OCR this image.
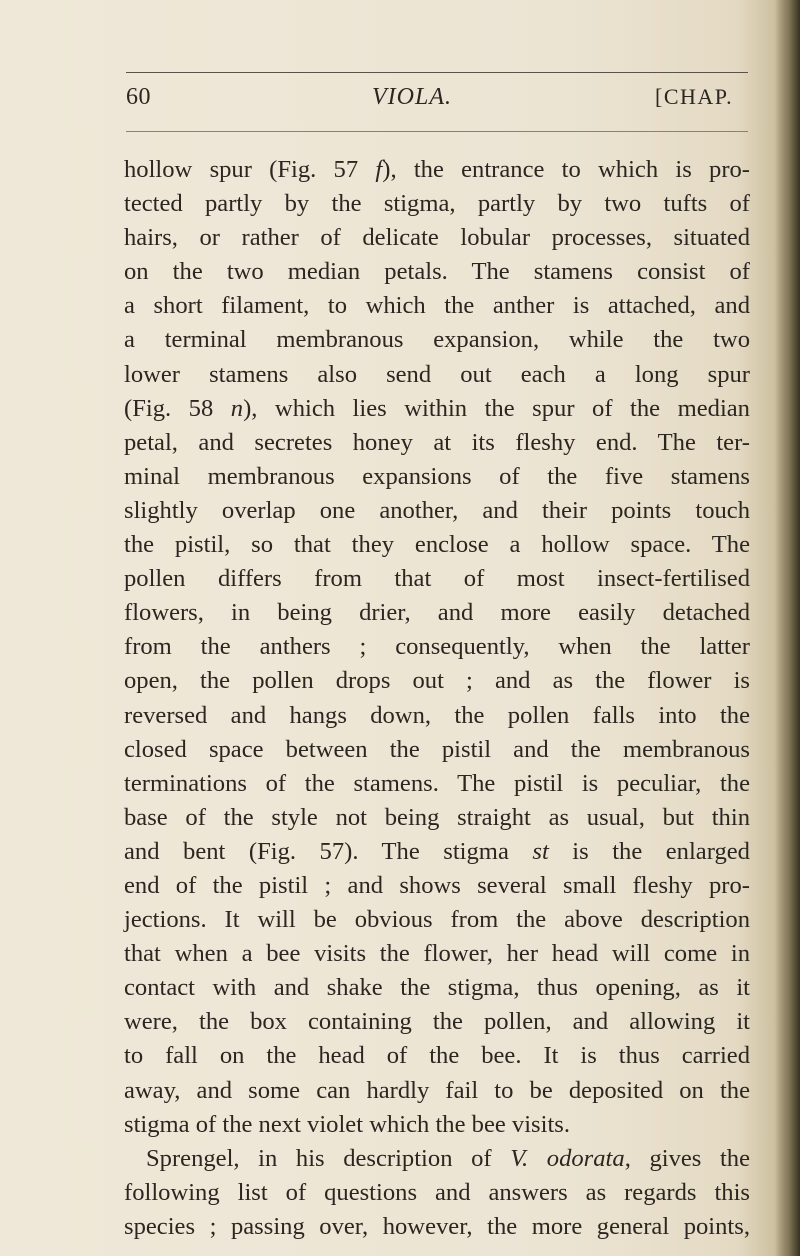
60	VIOLA.	[CHAP.
hollow spur (Fig. 57 f), the entrance to which is pro-
tected partly by the stigma, partly by two tufts of
hairs, or rather of delicate lobular processes, situated
on the two median petals. The stamens consist of
a short filament, to which the anther is attached, and
a terminal membranous expansion, while the two
lower stamens also send out each a long spur
(Fig. 58 n), which lies within the spur of the median
petal, and secretes honey at its fleshy end. The ter-
minal membranous expansions of the five stamens
slightly overlap one another, and their points touch
the pistil, so that they enclose a hollow space. The
pollen differs from that of most insect-fertilised
flowers, in being drier, and more easily detached
from the anthers ; consequently, when the latter
open, the pollen drops out ; and as the flower is
reversed and hangs down, the pollen falls into the
closed space between the pistil and the membranous
terminations of the stamens. The pistil is peculiar, the
base of the style not being straight as usual, but thin
and bent (Fig. 57). The stigma st is the enlarged
end of the pistil ; and shows several small fleshy pro-
jections. It will be obvious from the above description
that when a bee visits the flower, her head will come in
contact with and shake the stigma, thus opening, as it
were, the box containing the pollen, and allowing it
to fall on the head of the bee. It is thus carried
away, and some can hardly fail to be deposited on the
stigma of the next violet which the bee visits.
Sprengel, in his description of V. odorata, gives the
following list of questions and answers as regards this
species ; passing over, however, the more general points,
